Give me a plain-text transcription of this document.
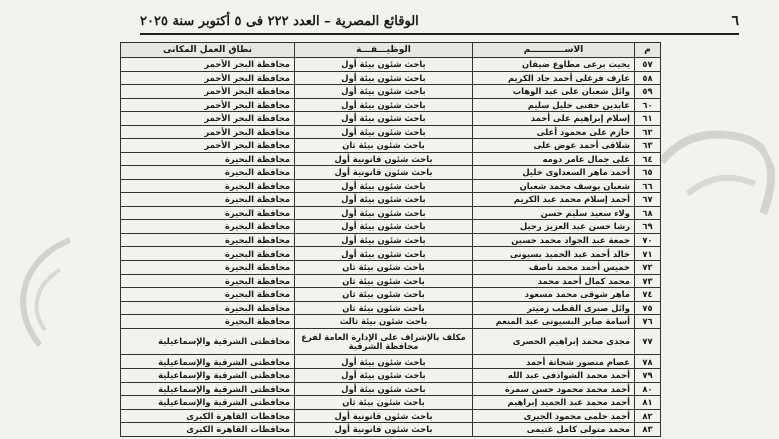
٦
الوقائع المصرية – العدد ٢٢٢ فى ٥ أكتوبر سنة ٢٠٢٥
م	الاســـــــــــم	الوظيـــفـــة	نطاق العمل المكانى
٥٧	يحيت برعى مطاوع ضيفان	باحث شئون بيئة أول	محافظة البحر الأحمر
٥٨	عارف فرغلى أحمد جاد الكريم	باحث شئون بيئة أول	محافظة البحر الأحمر
٥٩	وائل شعبان على عبد الوهاب	باحث شئون بيئة أول	محافظة البحر الأحمر
٦٠	عابدين حفنى خليل سليم	باحث شئون بيئة أول	محافظة البحر الأحمر
٦١	إسلام إبراهيم على أحمد	باحث شئون بيئة أول	محافظة البحر الأحمر
٦٢	حازم على محمود أعلى	باحث شئون بيئة أول	محافظة البحر الأحمر
٦٣	شلاقى أحمد عوض على	باحث شئون بيئة ثان	محافظة البحر الأحمر
٦٤	على جمال عامر دومه	باحث شئون قانونية أول	محافظة البحيرة
٦٥	أحمد ماهر السعداوى خليل	باحث شئون قانونية أول	محافظة البحيرة
٦٦	شعبان يوسف محمد شعبان	باحث شئون بيئة أول	محافظة البحيرة
٦٧	أحمد إسلام محمد عبد الكريم	باحث شئون بيئة أول	محافظة البحيرة
٦٨	ولاء سعيد سليم حسن	باحث شئون بيئة أول	محافظة البحيرة
٦٩	رشا حسن عبد العزيز رحيل	باحث شئون بيئة أول	محافظة البحيرة
٧٠	جمعة عبد الجواد محمد حسين	باحث شئون بيئة أول	محافظة البحيرة
٧١	خالد أحمد عبد الحميد بسيونى	باحث شئون بيئة أول	محافظة البحيرة
٧٢	خميس أحمد محمد ناصف	باحث شئون بيئة ثان	محافظة البحيرة
٧٣	محمد كمال أحمد محمد	باحث شئون بيئة ثان	محافظة البحيرة
٧٤	ماهر شوقى محمد مسعود	باحث شئون بيئة ثان	محافظة البحيرة
٧٥	وائل صبرى القطب زميتر	باحث شئون بيئة ثان	محافظة البحيرة
٧٦	أسامة صابر البسيونى عبد المنعم	باحث شئون بيئة ثالث	محافظة البحيرة
٧٧	مجدى محمد إبراهيم الحصرى	مكلف بالإشراف على الإدارة العامة لفرع محافظة الشرقية	محافظتى الشرقية والإسماعيلية
٧٨	عصام منصور شحاتة أحمد	باحث شئون بيئة أول	محافظتى الشرقية والإسماعيلية
٧٩	أحمد محمد الشوادفى عبد الله	باحث شئون بيئة أول	محافظتى الشرقية والإسماعيلية
٨٠	أحمد محمد محمود حسن سمرة	باحث شئون بيئة أول	محافظتى الشرقية والإسماعيلية
٨١	أحمد محمد عبد الحميد إبراهيم	باحث شئون بيئة ثان	محافظتى الشرقية والإسماعيلية
٨٢	أحمد حلمى محمود الجيرى	باحث شئون قانونية أول	محافظات القاهرة الكبرى
٨٣	محمد متولى كامل غنيمى	باحث شئون قانونية أول	محافظات القاهرة الكبرى
